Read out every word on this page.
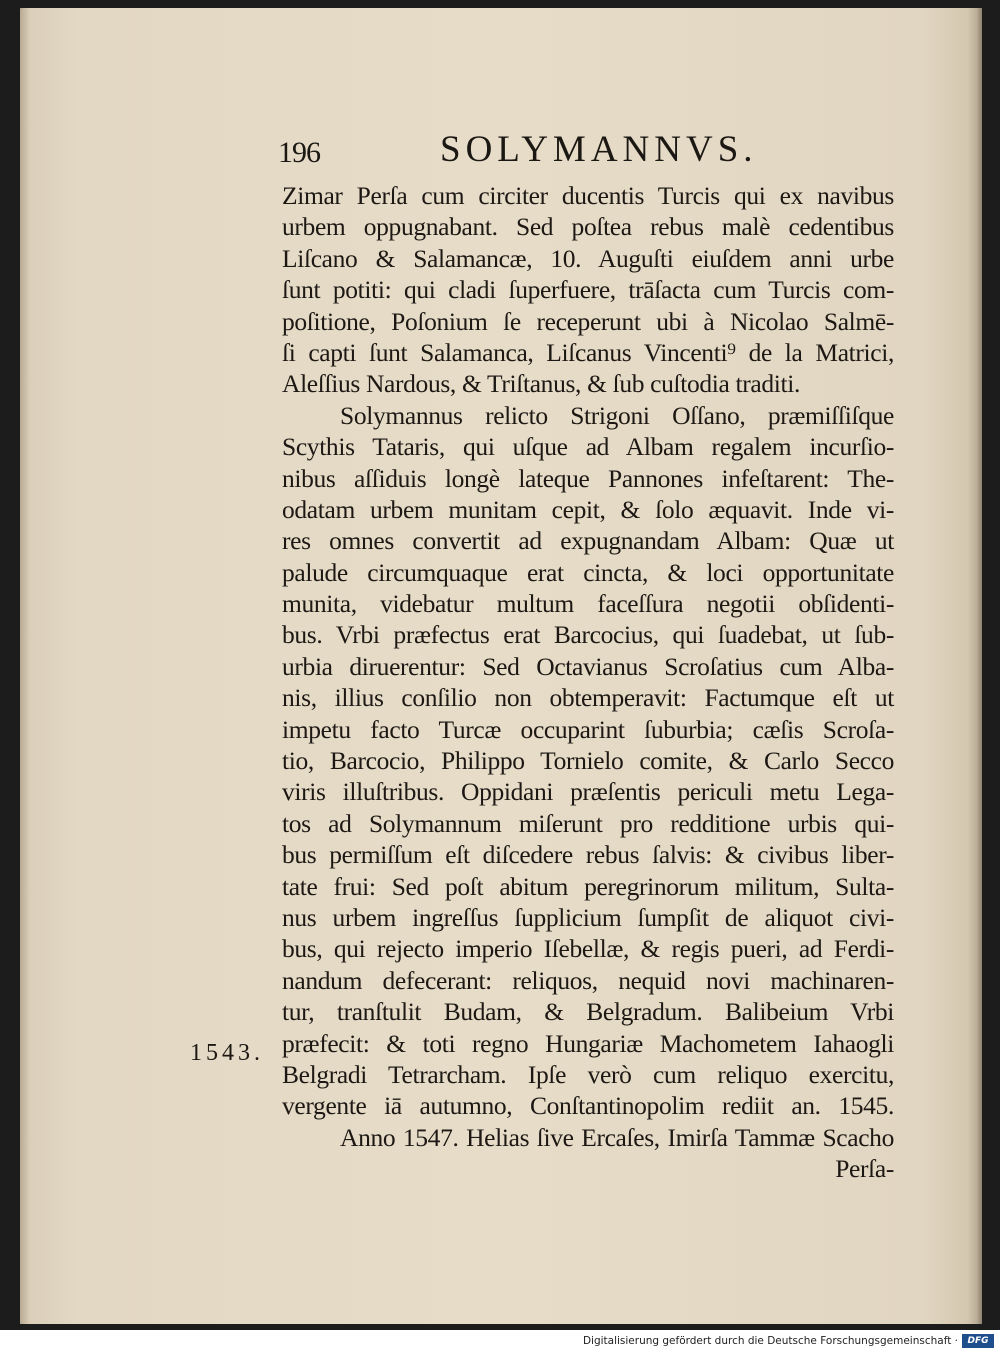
196	SOLYMANNVS.
Zimar Perſa cum circiter ducentis Turcis qui ex navibus
urbem oppugnabant. Sed poſtea rebus malè cedentibus
Liſcano & Salamancæ, 10. Auguſti eiuſdem anni urbe
ſunt potiti: qui cladi ſuperfuere, trāſacta cum Turcis com-
poſitione, Poſonium ſe receperunt ubi à Nicolao Salmē-
ſi capti ſunt Salamanca, Liſcanus Vincenti⁹ de la Matrici,
Aleſſius Nardous, & Triſtanus, & ſub cuſtodia traditi.
Solymannus relicto Strigoni Oſſano, præmiſſiſque
Scythis Tataris, qui uſque ad Albam regalem incurſio-
nibus aſſiduis longè lateque Pannones infeſtarent: The-
odatam urbem munitam cepit, & ſolo æquavit. Inde vi-
res omnes convertit ad expugnandam Albam: Quæ ut
palude circumquaque erat cincta, & loci opportunitate
munita, videbatur multum faceſſura negotii obſidenti-
bus. Vrbi præfectus erat Barcocius, qui ſuadebat, ut ſub-
urbia diruerentur: Sed Octavianus Scroſatius cum Alba-
nis, illius conſilio non obtemperavit: Factumque eſt ut
impetu facto Turcæ occuparint ſuburbia; cæſis Scroſa-
tio, Barcocio, Philippo Tornielo comite, & Carlo Secco
viris illuſtribus. Oppidani præſentis periculi metu Lega-
tos ad Solymannum miſerunt pro redditione urbis qui-
bus permiſſum eſt diſcedere rebus ſalvis: & civibus liber-
tate frui: Sed poſt abitum peregrinorum militum, Sulta-
nus urbem ingreſſus ſupplicium ſumpſit de aliquot civi-
bus, qui rejecto imperio Iſebellæ, & regis pueri, ad Ferdi-
nandum defecerant: reliquos, nequid novi machinaren-
tur, tranſtulit Budam, & Belgradum. Balibeium Vrbi
præfecit: & toti regno Hungariæ Machometem Iahaogli
Belgradi Tetrarcham. Ipſe verò cum reliquo exercitu,
vergente iā autumno, Conſtantinopolim rediit an. 1545.
Anno 1547. Helias ſive Ercaſes, Imirſa Tammæ Scacho
Perſa-
1543.
Digitalisierung gefördert durch die Deutsche Forschungsgemeinschaft ·	DFG
